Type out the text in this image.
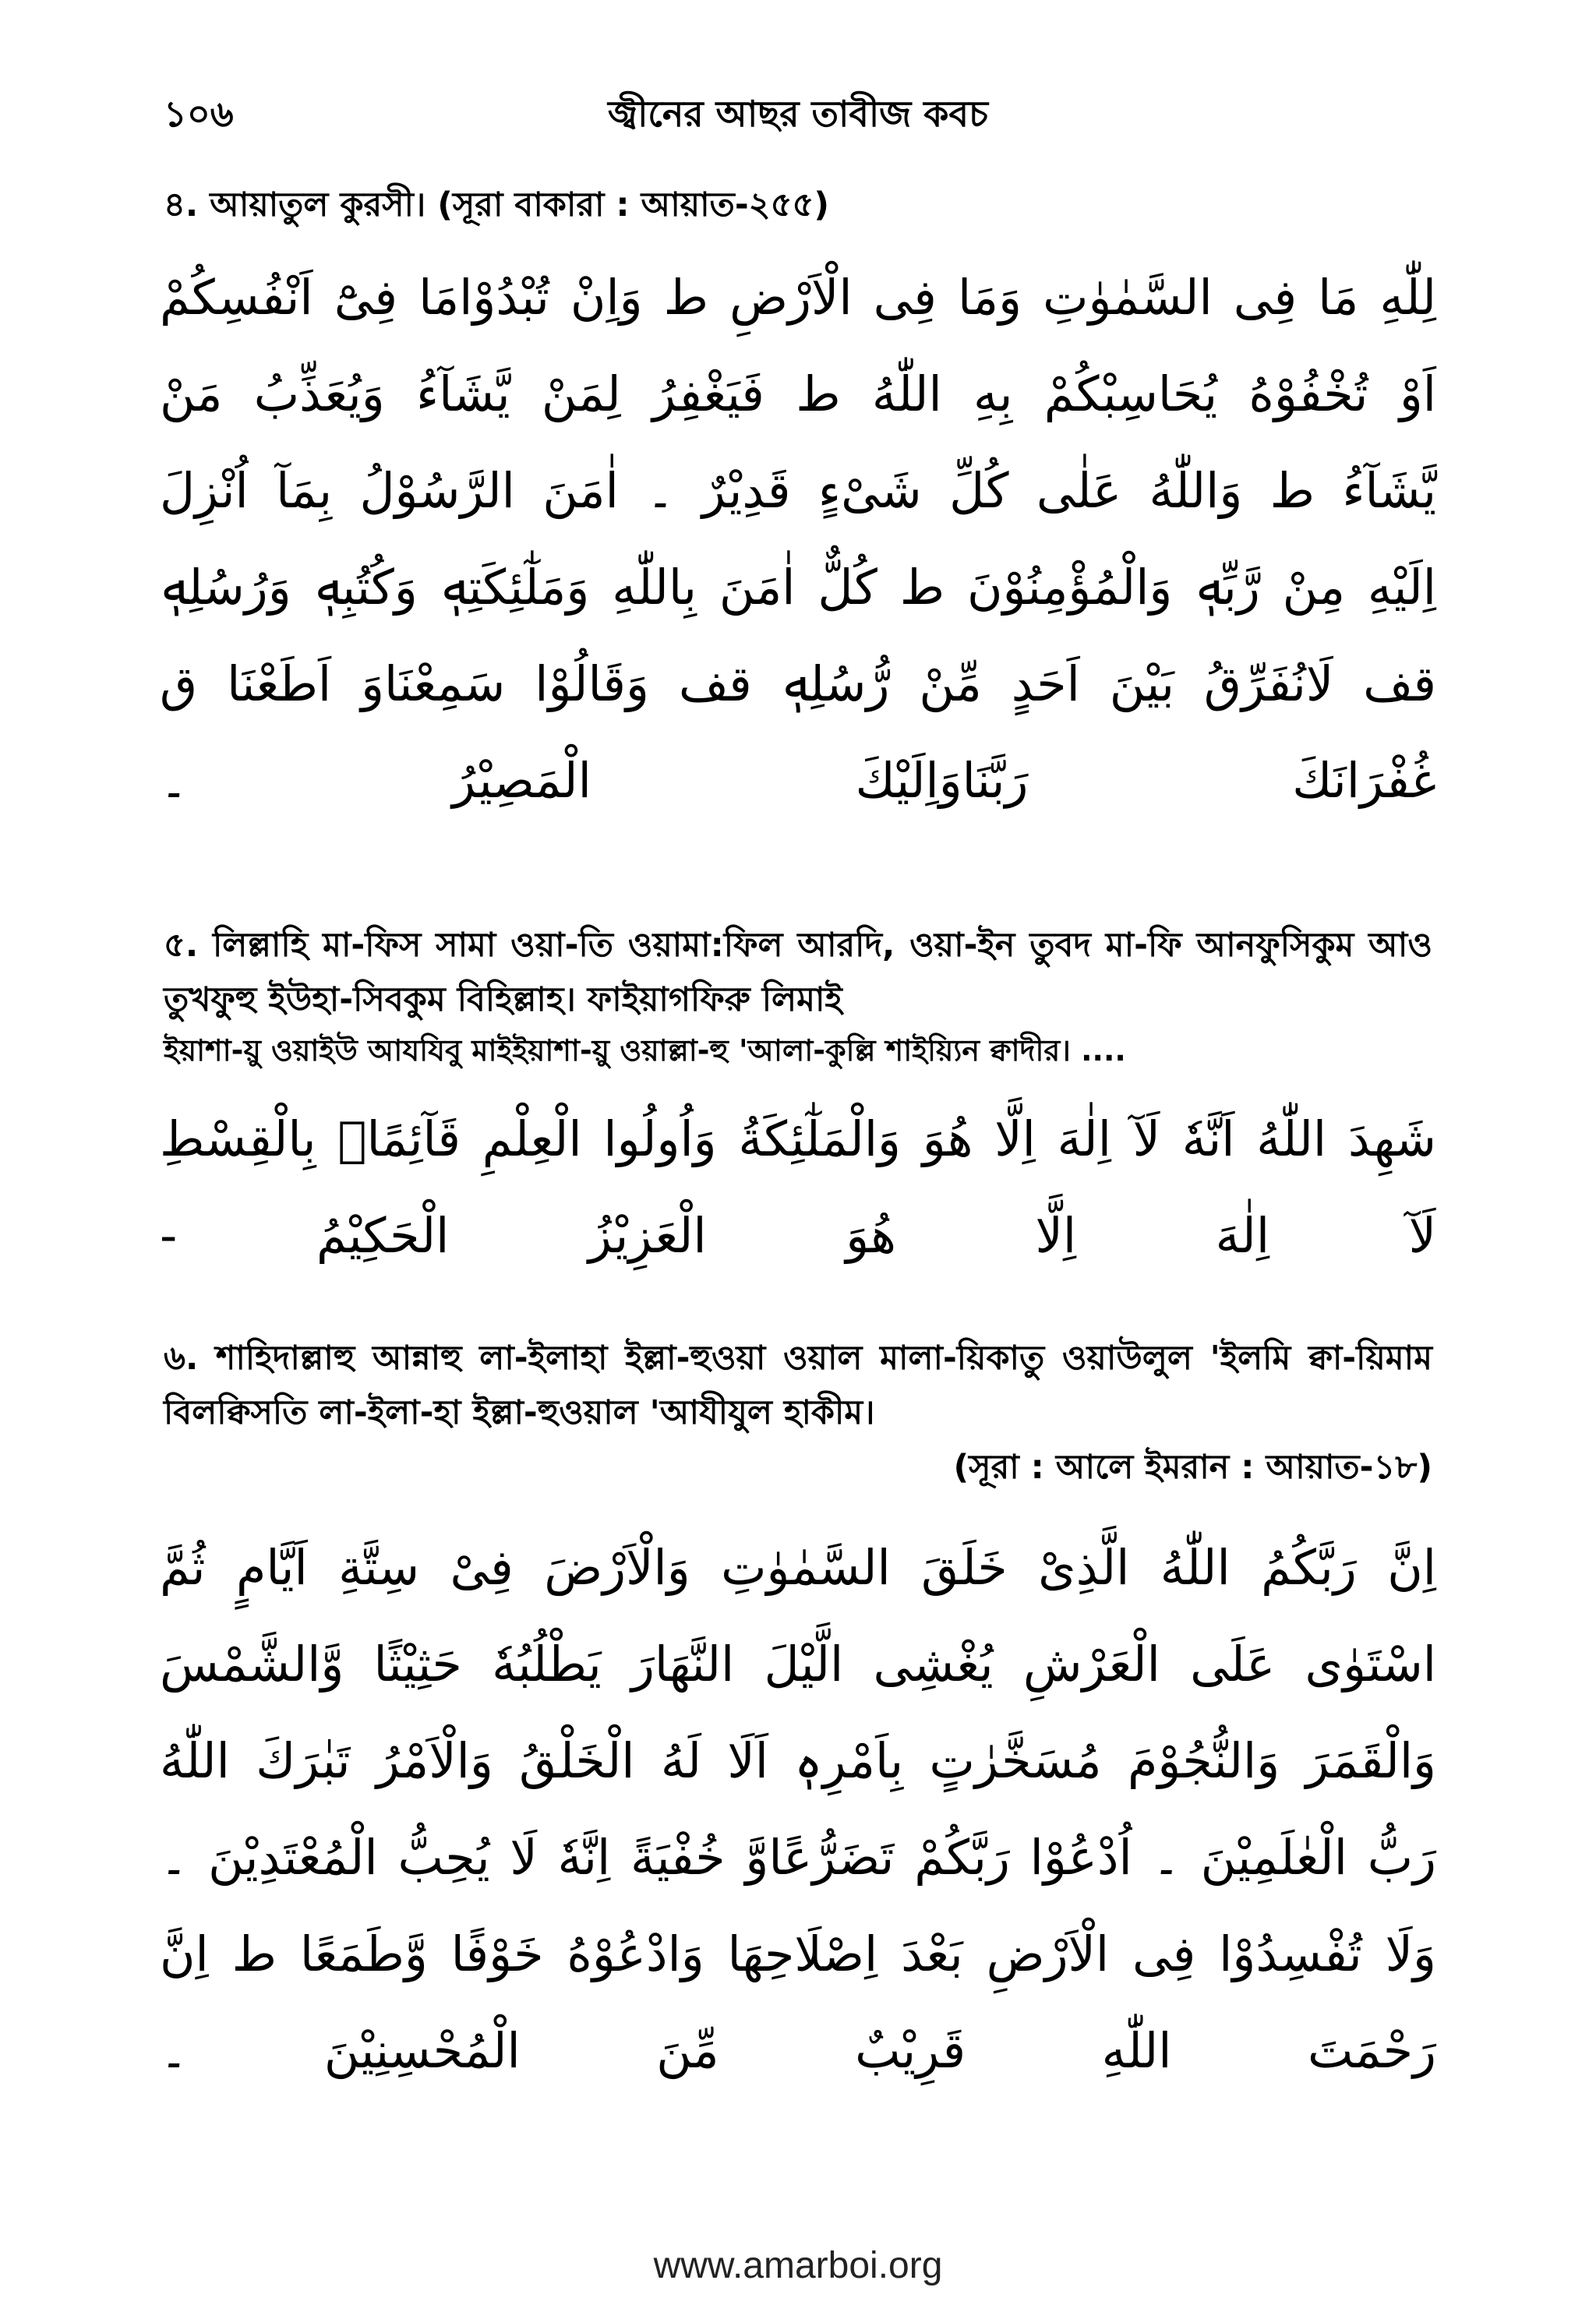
১০৬	জ্বীনের আছর তাবীজ কবচ
৪. আয়াতুল কুরসী। (সূরা বাকারা : আয়াত-২৫৫)
لِلّٰهِ مَا فِى السَّمٰوٰتِ وَمَا فِى الْاَرْضِ ط وَاِنْ تُبْدُوْامَا فِىْٓ اَنْفُسِكُمْ اَوْ تُخْفُوْهُ يُحَاسِبْكُمْ بِهِ اللّٰهُ ط فَيَغْفِرُ لِمَنْ يَّشَآءُ وَيُعَذِّبُ مَنْ يَّشَآءُ ط وَاللّٰهُ عَلٰى كُلِّ شَىْءٍ قَدِيْرٌ ۔ اٰمَنَ الرَّسُوْلُ بِمَآ اُنْزِلَ اِلَيْهِ مِنْ رَّبِّهٖ وَالْمُؤْمِنُوْنَ ط كُلٌّ اٰمَنَ بِاللّٰهِ وَمَلٰٓئِكَتِهٖ وَكُتُبِهٖ وَرُسُلِهٖ قف لَانُفَرِّقُ بَيْنَ اَحَدٍ مِّنْ رُّسُلِهٖ قف وَقَالُوْا سَمِعْنَاوَ اَطَعْنَا ق غُفْرَانَكَ رَبَّنَاوَاِلَيْكَ الْمَصِيْرُ ۔
৫. লিল্লাহি মা-ফিস সামা ওয়া-তি ওয়ামা:ফিল আরদি, ওয়া-ইন তুবদ মা-ফি আনফুসিকুম আও তুখফুহু ইউহা-সিবকুম বিহিল্লাহ। ফাইয়াগফিরু লিমাই
ইয়াশা-য়ু ওয়াইউ আযযিবু মাইইয়াশা-য়ু ওয়াল্লা-হু 'আলা-কুল্লি শাইয়্যিন ক্বাদীর। ....
شَهِدَ اللّٰهُ اَنَّهٗ لَآ اِلٰهَ اِلَّا هُوَ وَالْمَلٰٓئِكَةُ وَاُولُوا الْعِلْمِ قَآئِمًاۢ بِالْقِسْطِ لَآ اِلٰهَ اِلَّا هُوَ الْعَزِيْزُ الْحَكِيْمُ -
৬. শাহিদাল্লাহু আন্নাহু লা-ইলাহা ইল্লা-হুওয়া ওয়াল মালা-য়িকাতু ওয়াউলুল 'ইলমি ক্বা-য়িমাম বিলক্বিসতি লা-ইলা-হা ইল্লা-হুওয়াল 'আযীযুল হাকীম।
(সূরা : আলে ইমরান : আয়াত-১৮)
اِنَّ رَبَّكُمُ اللّٰهُ الَّذِىْ خَلَقَ السَّمٰوٰتِ وَالْاَرْضَ فِىْ سِتَّةِ اَيَّامٍ ثُمَّ اسْتَوٰى عَلَى الْعَرْشِ يُغْشِى الَّيْلَ النَّهَارَ يَطْلُبُهٗ حَثِيْثًا وَّالشَّمْسَ وَالْقَمَرَ وَالنُّجُوْمَ مُسَخَّرٰتٍ بِاَمْرِهٖ اَلَا لَهُ الْخَلْقُ وَالْاَمْرُ تَبٰرَكَ اللّٰهُ رَبُّ الْعٰلَمِيْنَ ۔ اُدْعُوْا رَبَّكُمْ تَضَرُّعًاوَّ خُفْيَةً اِنَّهٗ لَا يُحِبُّ الْمُعْتَدِيْنَ ۔ وَلَا تُفْسِدُوْا فِى الْاَرْضِ بَعْدَ اِصْلَاحِهَا وَادْعُوْهُ خَوْفًا وَّطَمَعًا ط اِنَّ رَحْمَتَ اللّٰهِ قَرِيْبٌ مِّنَ الْمُحْسِنِيْنَ ۔
www.amarboi.org
